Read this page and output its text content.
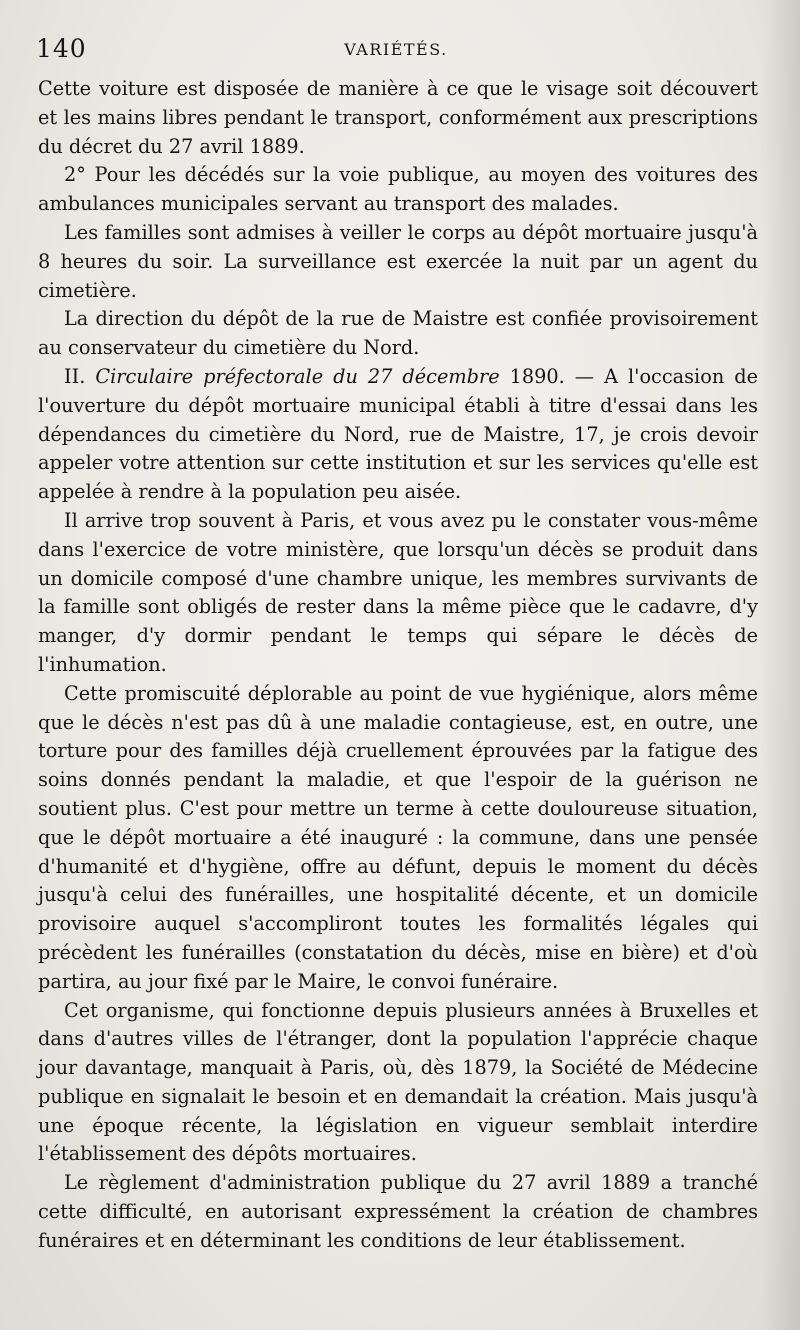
140	VARIÉTÉS.

Cette voiture est disposée de manière à ce que le visage soit découvert et les mains libres pendant le transport, conformément aux prescriptions du décret du 27 avril 1889.

2° Pour les décédés sur la voie publique, au moyen des voitures des ambulances municipales servant au transport des malades.

Les familles sont admises à veiller le corps au dépôt mortuaire jusqu'à 8 heures du soir. La surveillance est exercée la nuit par un agent du cimetière.

La direction du dépôt de la rue de Maistre est confiée provisoirement au conservateur du cimetière du Nord.

II. Circulaire préfectorale du 27 décembre 1890. — A l'occasion de l'ouverture du dépôt mortuaire municipal établi à titre d'essai dans les dépendances du cimetière du Nord, rue de Maistre, 17, je crois devoir appeler votre attention sur cette institution et sur les services qu'elle est appelée à rendre à la population peu aisée.

Il arrive trop souvent à Paris, et vous avez pu le constater vous-même dans l'exercice de votre ministère, que lorsqu'un décès se produit dans un domicile composé d'une chambre unique, les membres survivants de la famille sont obligés de rester dans la même pièce que le cadavre, d'y manger, d'y dormir pendant le temps qui sépare le décès de l'inhumation.

Cette promiscuité déplorable au point de vue hygiénique, alors même que le décès n'est pas dû à une maladie contagieuse, est, en outre, une torture pour des familles déjà cruellement éprouvées par la fatigue des soins donnés pendant la maladie, et que l'espoir de la guérison ne soutient plus. C'est pour mettre un terme à cette douloureuse situation, que le dépôt mortuaire a été inauguré : la commune, dans une pensée d'humanité et d'hygiène, offre au défunt, depuis le moment du décès jusqu'à celui des funérailles, une hospitalité décente, et un domicile provisoire auquel s'accompliront toutes les formalités légales qui précèdent les funérailles (constatation du décès, mise en bière) et d'où partira, au jour fixé par le Maire, le convoi funéraire.

Cet organisme, qui fonctionne depuis plusieurs années à Bruxelles et dans d'autres villes de l'étranger, dont la population l'apprécie chaque jour davantage, manquait à Paris, où, dès 1879, la Société de Médecine publique en signalait le besoin et en demandait la création. Mais jusqu'à une époque récente, la législation en vigueur semblait interdire l'établissement des dépôts mortuaires.

Le règlement d'administration publique du 27 avril 1889 a tranché cette difficulté, en autorisant expressément la création de chambres funéraires et en déterminant les conditions de leur établissement.
